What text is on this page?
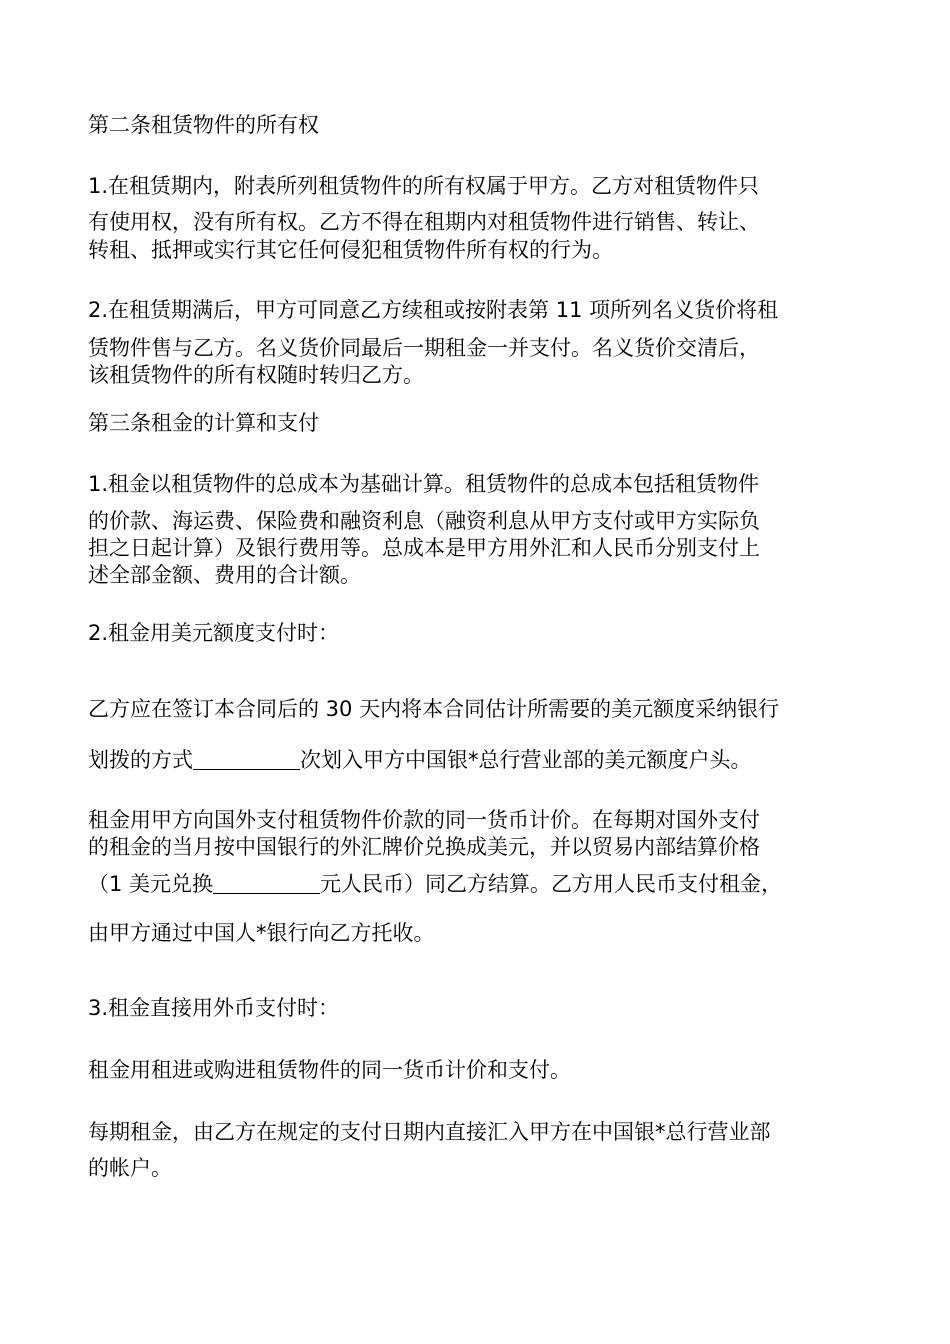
第二条租赁物件的所有权
1.在租赁期内，附表所列租赁物件的所有权属于甲方。乙方对租赁物件只
有使用权，没有所有权。乙方不得在租期内对租赁物件进行销售、转让、
转租、抵押或实行其它任何侵犯租赁物件所有权的行为。
2.在租赁期满后，甲方可同意乙方续租或按附表第 11 项所列名义货价将租
赁物件售与乙方。名义货价同最后一期租金一并支付。名义货价交清后，
该租赁物件的所有权随时转归乙方。
第三条租金的计算和支付
1.租金以租赁物件的总成本为基础计算。租赁物件的总成本包括租赁物件
的价款、海运费、保险费和融资利息（融资利息从甲方支付或甲方实际负
担之日起计算）及银行费用等。总成本是甲方用外汇和人民币分别支付上
述全部金额、费用的合计额。
2.租金用美元额度支付时：
乙方应在签订本合同后的 30 天内将本合同估计所需要的美元额度采纳银行
划拨的方式	次划入甲方中国银*总行营业部的美元额度户头。
租金用甲方向国外支付租赁物件价款的同一货币计价。在每期对国外支付
的租金的当月按中国银行的外汇牌价兑换成美元，并以贸易内部结算价格
（1 美元兑换	元人民币）同乙方结算。乙方用人民币支付租金，
由甲方通过中国人*银行向乙方托收。
3.租金直接用外币支付时：
租金用租进或购进租赁物件的同一货币计价和支付。
每期租金，由乙方在规定的支付日期内直接汇入甲方在中国银*总行营业部
的帐户。
